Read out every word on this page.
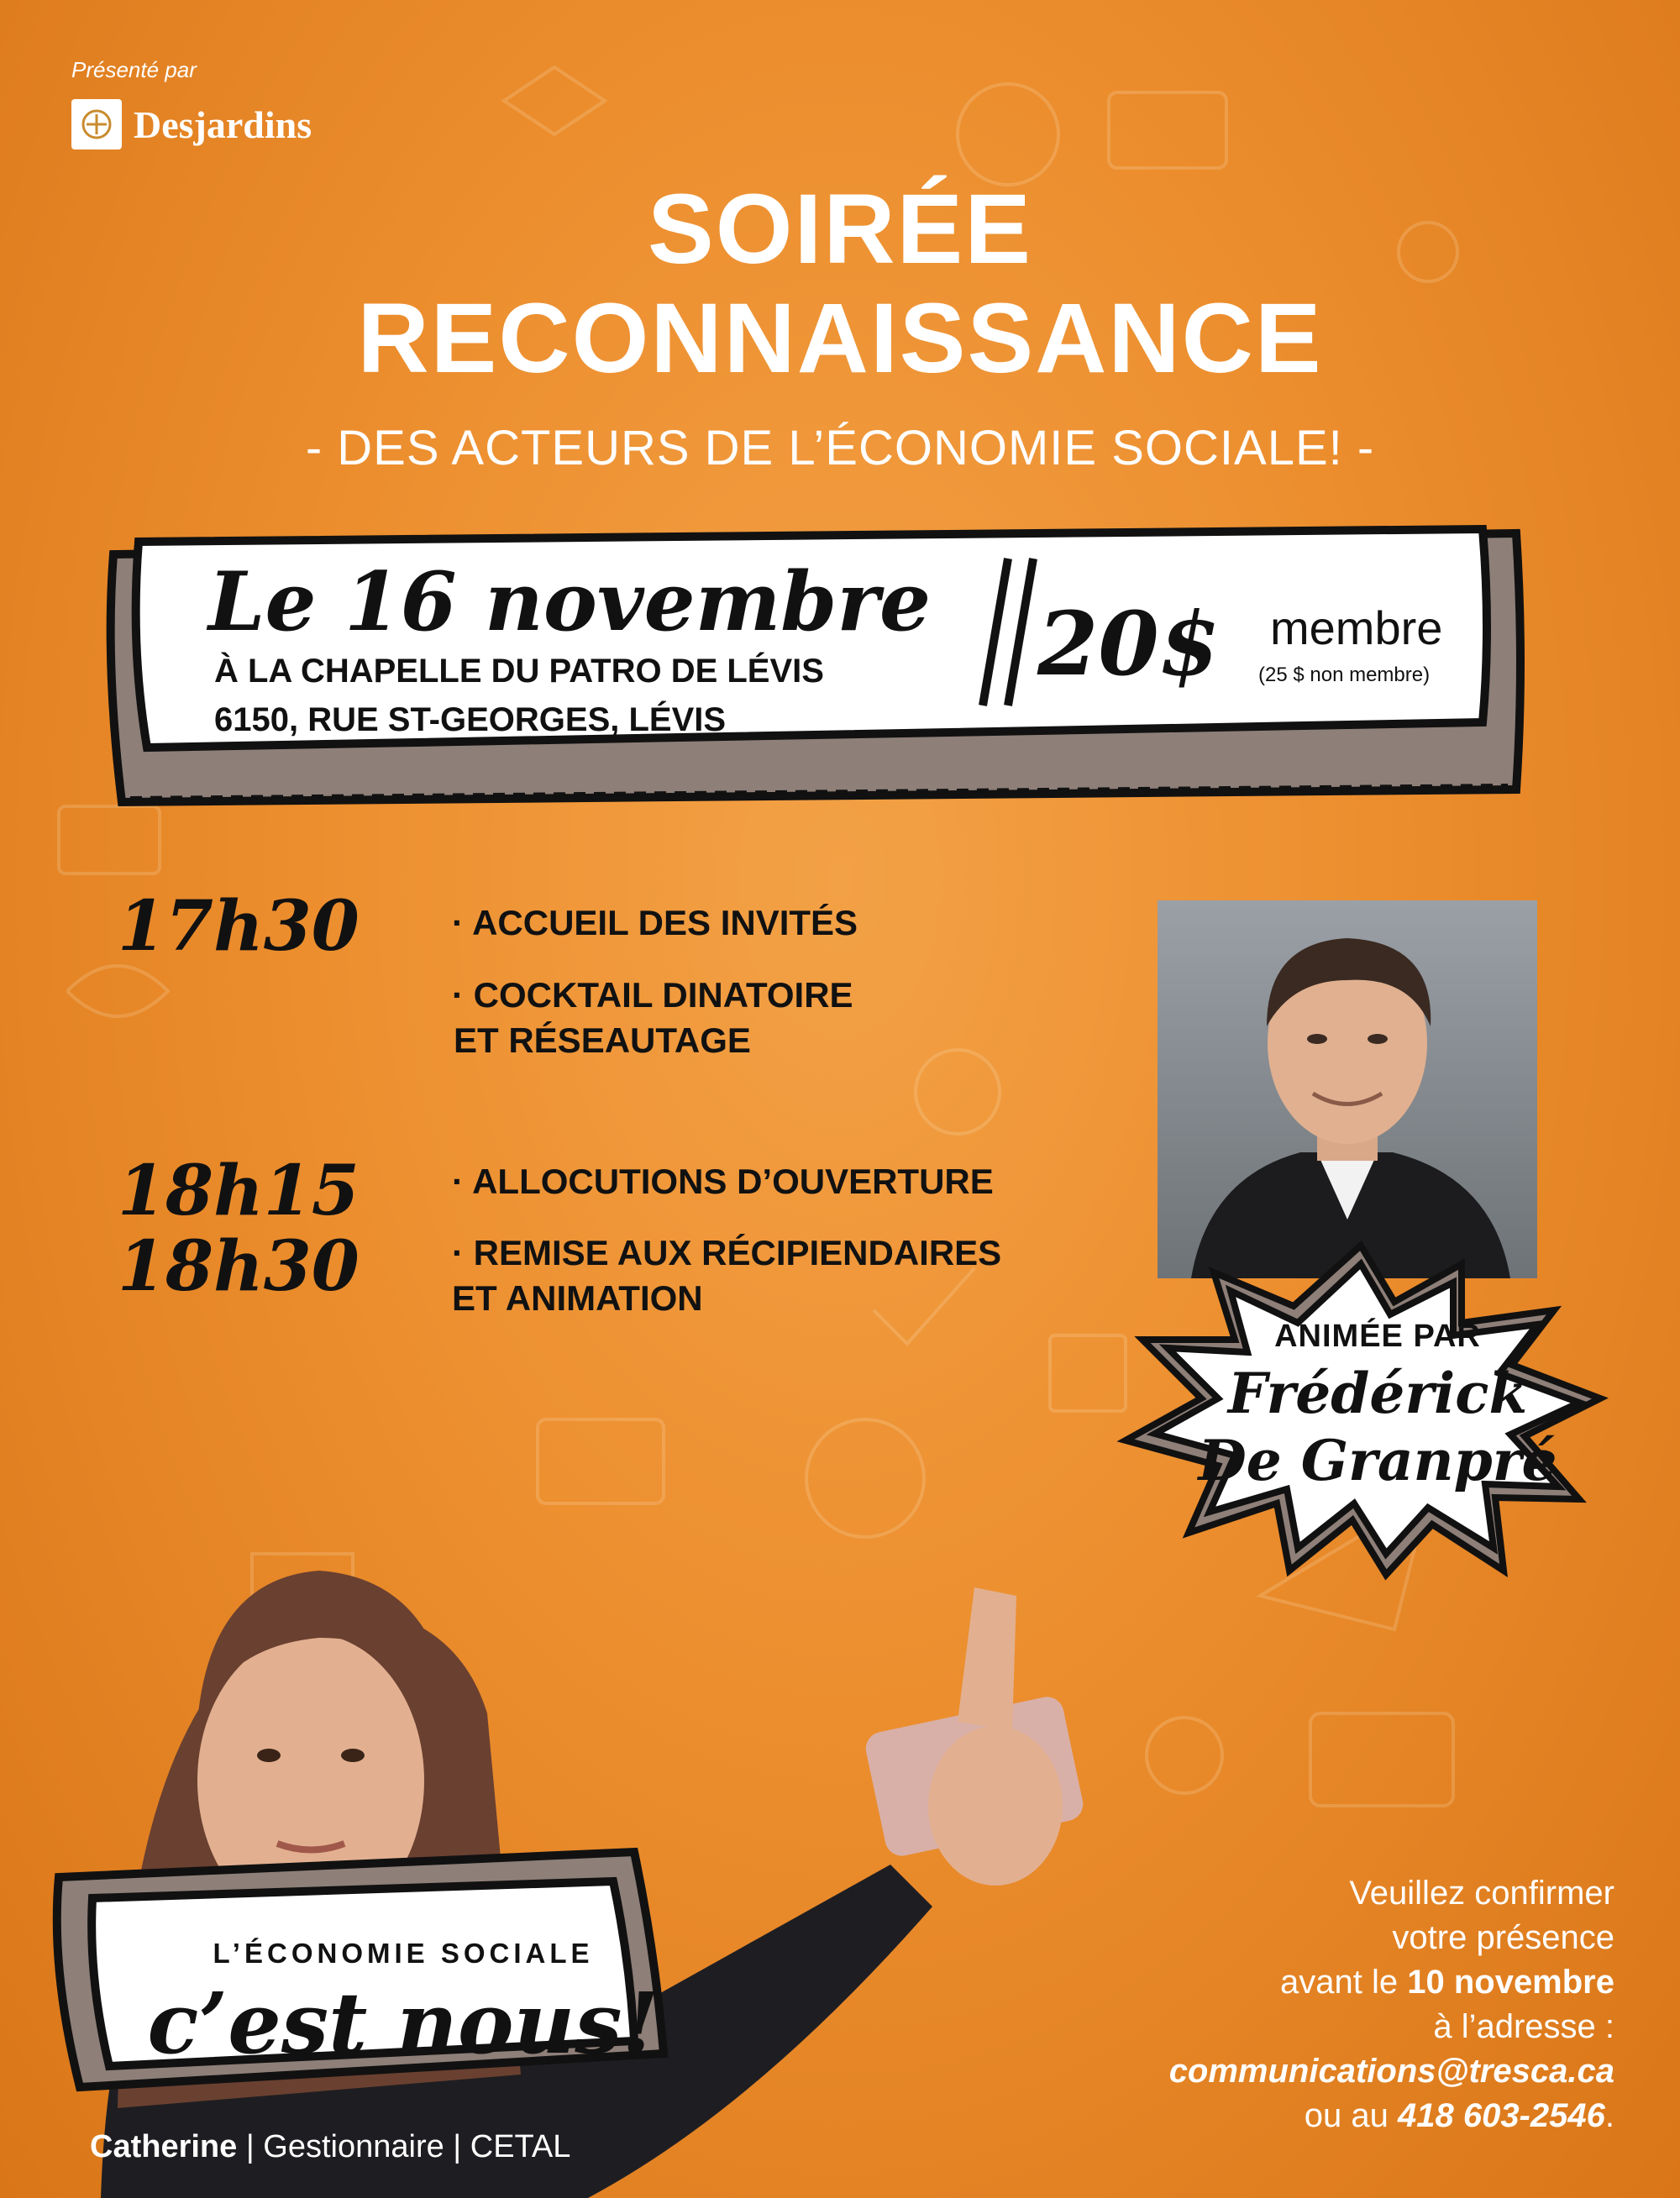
Présenté par
Desjardins
SOIRÉE
RECONNAISSANCE
- DES ACTEURS DE L’ÉCONOMIE SOCIALE! -
Le 16 novembre
À LA CHAPELLE DU PATRO DE LÉVIS
6150, RUE ST-GEORGES, LÉVIS
20$ membre
(25 $ non membre)
17h30	· ACCUEIL DES INVITÉS
· COCKTAIL DINATOIRE
ET RÉSEAUTAGE
18h15
18h30
· ALLOCUTIONS D’OUVERTURE
· REMISE AUX RÉCIPIENDAIRES
ET ANIMATION
ANIMÉE PAR
Frédérick
De Granpré
L’ÉCONOMIE SOCIALE
c’est nous!
Veuillez confirmer
votre présence
avant le 10 novembre
à l’adresse :
communications@tresca.ca
ou au 418 603-2546.
Catherine | Gestionnaire | CETAL
